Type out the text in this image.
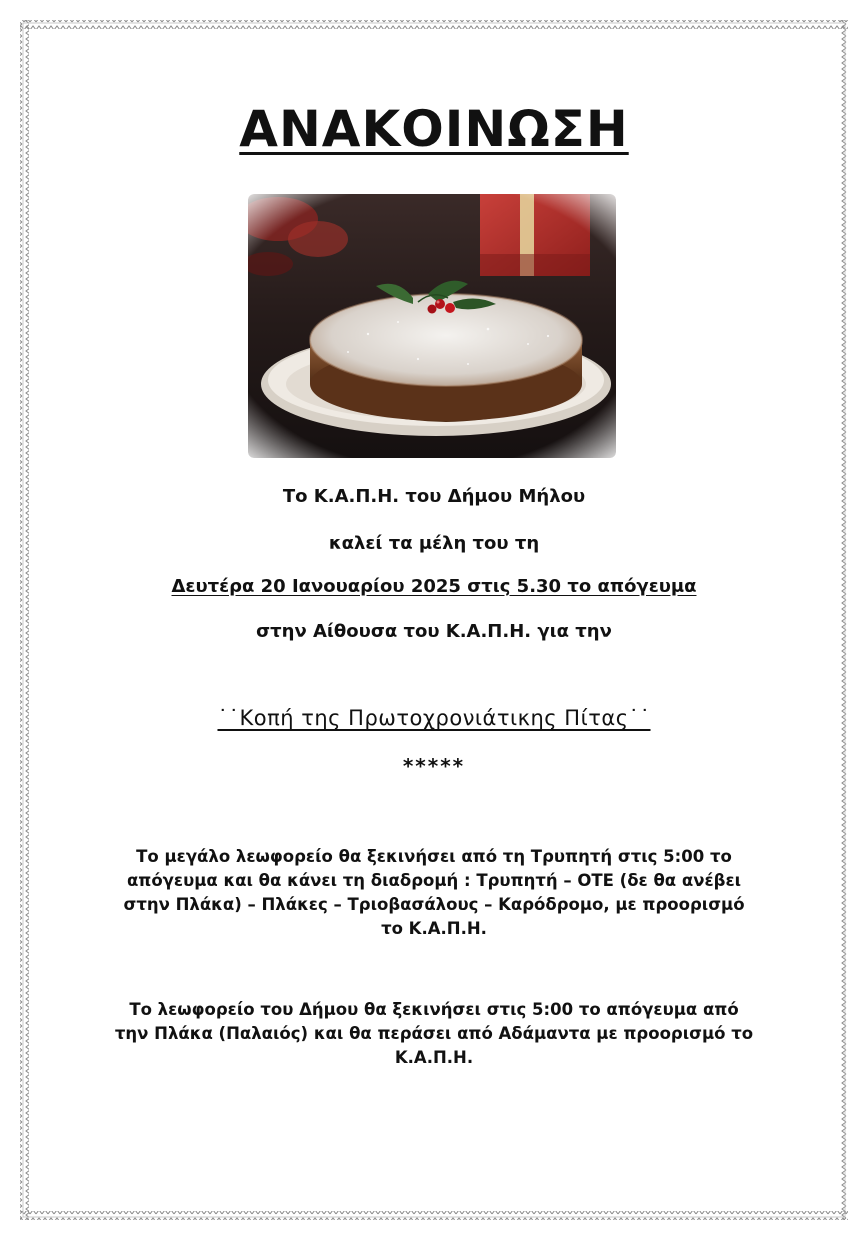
ΑΝΑΚΟΙΝΩΣΗ

Το Κ.Α.Π.Η. του Δήμου Μήλου

καλεί τα μέλη του τη

Δευτέρα 20 Ιανουαρίου 2025 στις 5.30 το απόγευμα

στην Αίθουσα του Κ.Α.Π.Η. για την

˙˙Κοπή της Πρωτοχρονιάτικης Πίτας˙˙

*****

Το μεγάλο λεωφορείο θα ξεκινήσει από τη Τρυπητή στις 5:00 το απόγευμα και θα κάνει τη διαδρομή : Τρυπητή – ΟΤΕ (δε θα ανέβει στην Πλάκα) – Πλάκες – Τριοβασάλους – Καρόδρομο, με προορισμό το Κ.Α.Π.Η.

Το λεωφορείο του Δήμου θα ξεκινήσει στις 5:00 το απόγευμα από την Πλάκα (Παλαιός) και θα περάσει από Αδάμαντα με προορισμό το Κ.Α.Π.Η.
